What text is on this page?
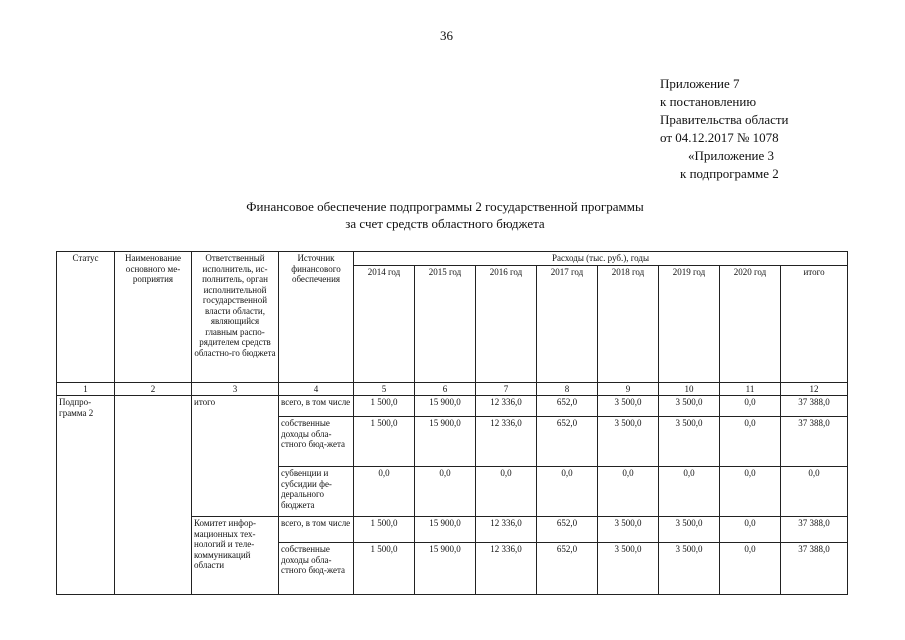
36
Приложение 7
к постановлению
Правительства области
от 04.12.2017 № 1078
«Приложение 3
к подпрограмме 2
Финансовое обеспечение подпрограммы 2 государственной программы
за счет средств областного бюджета
Статус	Наименование основного ме-роприятия	Ответственный исполнитель, ис-полнитель, орган исполнительной государственной власти области, являющийся главным распо-рядителем средств областно-го бюджета	Источник финансового обеспечения	Расходы (тыс. руб.), годы							
				2014 год	2015 год	2016 год	2017 год	2018 год	2019 год	2020 год	итого
1	2	3	4	5	6	7	8	9	10	11	12
Подпро-грамма 2		итого	всего, в том числе	1 500,0	15 900,0	12 336,0	652,0	3 500,0	3 500,0	0,0	37 388,0
			собственные доходы обла-стного бюд-жета	1 500,0	15 900,0	12 336,0	652,0	3 500,0	3 500,0	0,0	37 388,0
			субвенции и субсидии фе-дерального бюджета	0,0	0,0	0,0	0,0	0,0	0,0	0,0	0,0
		Комитет инфор-мационных тех-нологий и теле-коммуникаций области	всего, в том числе	1 500,0	15 900,0	12 336,0	652,0	3 500,0	3 500,0	0,0	37 388,0
			собственные доходы обла-стного бюд-жета	1 500,0	15 900,0	12 336,0	652,0	3 500,0	3 500,0	0,0	37 388,0
